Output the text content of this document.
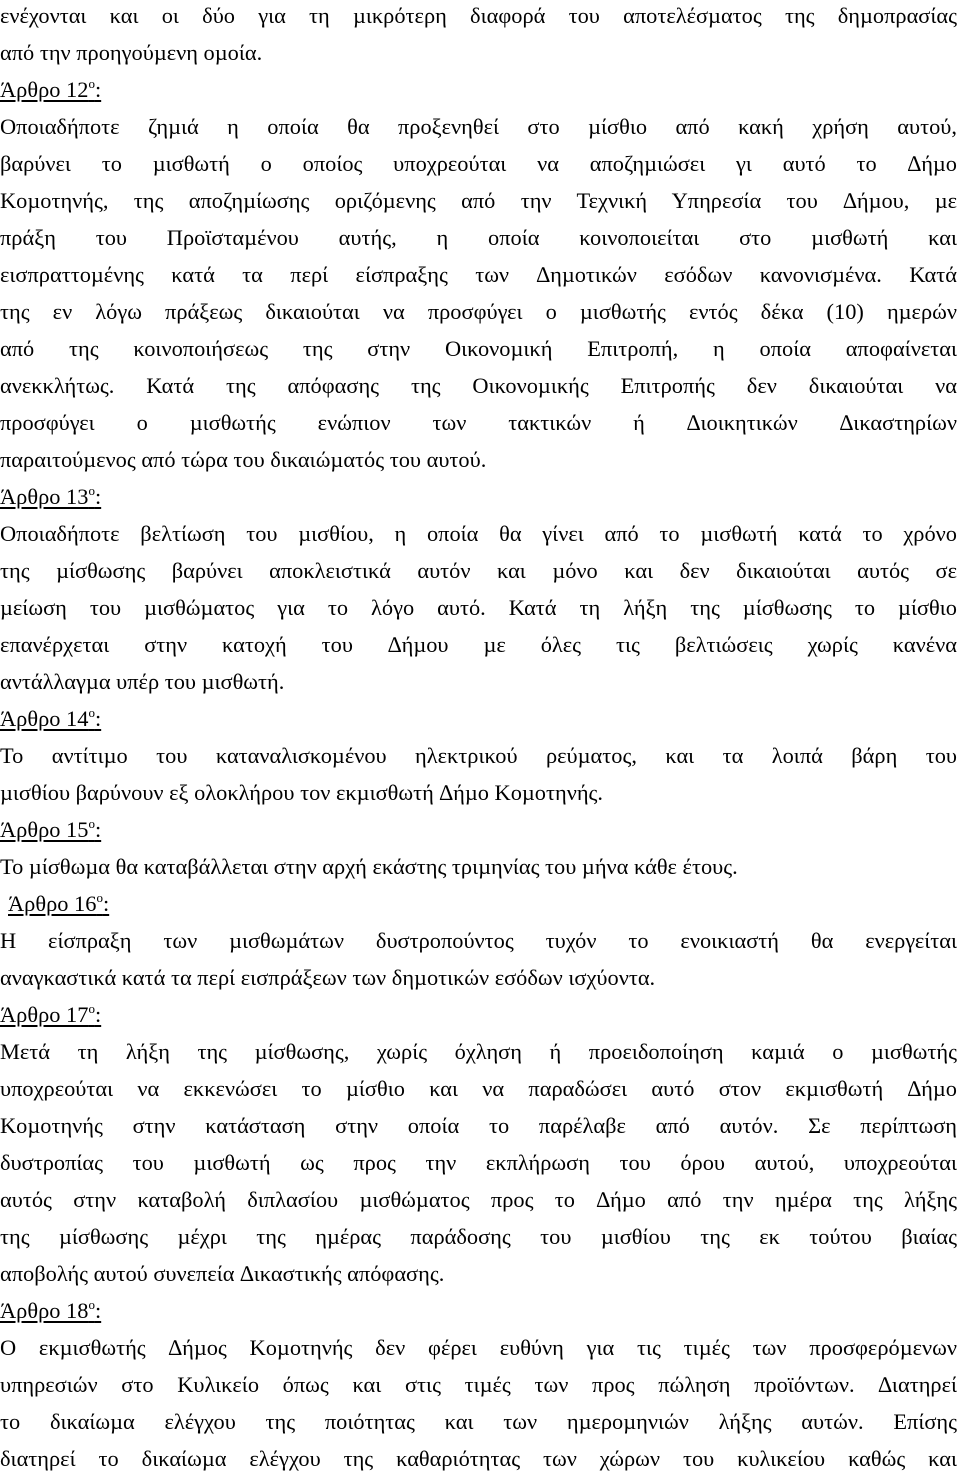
ενέχονται και οι δύο για τη µικρότερη διαφορά του αποτελέσµατος της δηµοπρασίας
από την προηγούµενη οµοία.
Άρθρο $12^o$:
Οποιαδήποτε ζηµιά η οποία θα προξενηθεί στο µίσθιο από κακή χρήση αυτού,
βαρύνει το µισθωτή ο οποίος υποχρεούται να αποζηµιώσει γι αυτό το ∆ήµο
Κοµοτηνής, της αποζηµίωσης οριζόµενης από την Τεχνική Υπηρεσία του ∆ήµου, µε
πράξη του Προϊσταµένου αυτής, η οποία κοινοποιείται στο µισθωτή και
εισπραττοµένης κατά τα περί είσπραξης των ∆ηµοτικών εσόδων κανονισµένα. Κατά
της εν λόγω πράξεως δικαιούται να προσφύγει ο µισθωτής εντός δέκα (10) ηµερών
από της κοινοποιήσεως της στην Οικονοµική Επιτροπή, η οποία αποφαίνεται
ανεκκλήτως. Κατά της απόφασης της Οικονοµικής Επιτροπής δεν δικαιούται να
προσφύγει ο µισθωτής ενώπιον των τακτικών ή ∆ιοικητικών ∆ικαστηρίων
παραιτούµενος από τώρα του δικαιώµατός του αυτού.
Άρθρο $13^o$:
Οποιαδήποτε βελτίωση του µισθίου, η οποία θα γίνει από το µισθωτή κατά το χρόνο
της µίσθωσης βαρύνει αποκλειστικά αυτόν και µόνο και δεν δικαιούται αυτός σε
µείωση του µισθώµατος για το λόγο αυτό. Κατά τη λήξη της µίσθωσης το µίσθιο
επανέρχεται στην κατοχή του ∆ήµου µε όλες τις βελτιώσεις χωρίς κανένα
αντάλλαγµα υπέρ του µισθωτή.
Άρθρο $14^o$:
Το αντίτιµο του καταναλισκοµένου ηλεκτρικού ρεύµατος, και τα λοιπά βάρη του
µισθίου βαρύνουν εξ ολοκλήρου τον εκµισθωτή ∆ήµο Κοµοτηνής.
Άρθρο $15^o$:
Το µίσθωµα θα καταβάλλεται στην αρχή εκάστης τριµηνίας του µήνα κάθε έτους.
Άρθρο $16^o$:
Η είσπραξη των µισθωµάτων δυστροπούντος τυχόν το ενοικιαστή θα ενεργείται
αναγκαστικά κατά τα περί εισπράξεων των δηµοτικών εσόδων ισχύοντα.
Άρθρο $17^o$:
Μετά τη λήξη της µίσθωσης, χωρίς όχληση ή προειδοποίηση καµιά ο µισθωτής
υποχρεούται να εκκενώσει το µίσθιο και να παραδώσει αυτό στον εκµισθωτή ∆ήµο
Κοµοτηνής στην κατάσταση στην οποία το παρέλαβε από αυτόν. Σε περίπτωση
δυστροπίας του µισθωτή ως προς την εκπλήρωση του όρου αυτού, υποχρεούται
αυτός στην καταβολή διπλασίου µισθώµατος προς το ∆ήµο από την ηµέρα της λήξης
της µίσθωσης µέχρι της ηµέρας παράδοσης του µισθίου της εκ τούτου βιαίας
αποβολής αυτού συνεπεία ∆ικαστικής απόφασης.
Άρθρο $18^o$:
Ο εκµισθωτής ∆ήµος Κοµοτηνής δεν φέρει ευθύνη για τις τιµές των προσφερόµενων
υπηρεσιών στο Κυλικείο όπως και στις τιµές των προς πώληση προϊόντων. ∆ιατηρεί
το δικαίωµα ελέγχου της ποιότητας και των ηµεροµηνιών λήξης αυτών. Επίσης
διατηρεί το δικαίωµα ελέγχου της καθαριότητας των χώρων του κυλικείου καθώς και
